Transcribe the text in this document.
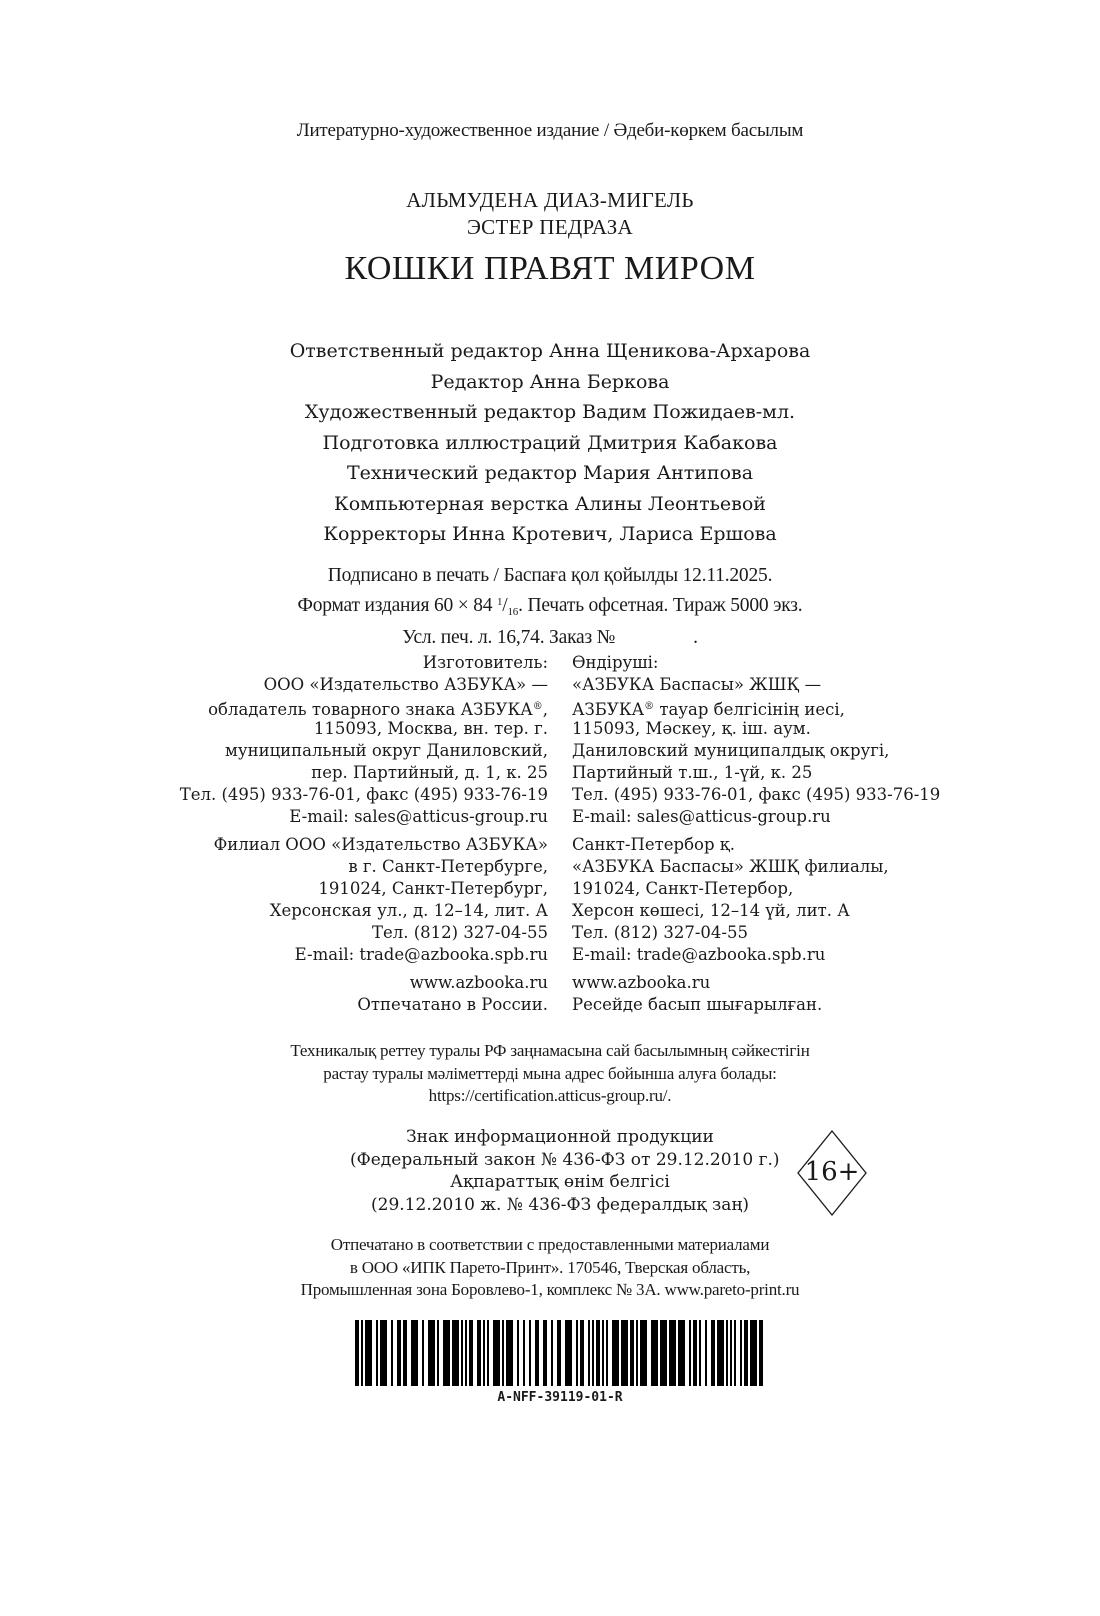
Литературно-художественное издание / Әдеби-көркем басылым
АЛЬМУДЕНА ДИАЗ-МИГЕЛЬ
ЭСТЕР ПЕДРАЗА
КОШКИ ПРАВЯТ МИРОМ
Ответственный редактор Анна Щеникова-Архарова
Редактор Анна Беркова
Художественный редактор Вадим Пожидаев-мл.
Подготовка иллюстраций Дмитрия Кабакова
Технический редактор Мария Антипова
Компьютерная верстка Алины Леонтьевой
Корректоры Инна Кротевич, Лариса Ершова
Подписано в печать / Баспаға қол қойылды 12.11.2025.
Формат издания 60 × 84 $^1/_{16}$. Печать офсетная. Тираж 5000 экз.
Усл. печ. л. 16,74. Заказ №	.
Изготовитель:
ООО «Издательство АЗБУКА» —
обладатель товарного знака АЗБУКА®,
115093, Москва, вн. тер. г.
муниципальный округ Даниловский,
пер. Партийный, д. 1, к. 25
Тел. (495) 933-76-01, факс (495) 933-76-19
E-mail: sales@atticus-group.ru
Филиал ООО «Издательство АЗБУКА»
в г. Санкт-Петербурге,
191024, Санкт-Петербург,
Херсонская ул., д. 12–14, лит. А
Тел. (812) 327-04-55
E-mail: trade@azbooka.spb.ru
www.azbooka.ru
Отпечатано в России.
Өндіруші:
«АЗБУКА Баспасы» ЖШҚ —
АЗБУКА® тауар белгісінің иесі,
115093, Мәскеу, қ. іш. аум.
Даниловский муниципалдық округі,
Партийный т.ш., 1-үй, к. 25
Тел. (495) 933-76-01, факс (495) 933-76-19
E-mail: sales@atticus-group.ru
Санкт-Петербор қ.
«АЗБУКА Баспасы» ЖШҚ филиалы,
191024, Санкт-Петербор,
Херсон көшесі, 12–14 үй, лит. А
Тел. (812) 327-04-55
E-mail: trade@azbooka.spb.ru
www.azbooka.ru
Ресейде басып шығарылған.
Техникалық реттеу туралы РФ заңнамасына сай басылымның сәйкестігін
растау туралы мәліметтерді мына адрес бойынша алуға болады:
https://certification.atticus-group.ru/.
Знак информационной продукции
(Федеральный закон № 436-ФЗ от 29.12.2010 г.)
Ақпараттық өнім белгісі
(29.12.2010 ж. № 436-ФЗ федералдық заң)
16+
Отпечатано в соответствии с предоставленными материалами
в ООО «ИПК Парето-Принт». 170546, Тверская область,
Промышленная зона Боровлево-1, комплекс № 3А. www.pareto-print.ru
A-NFF-39119-01-R
